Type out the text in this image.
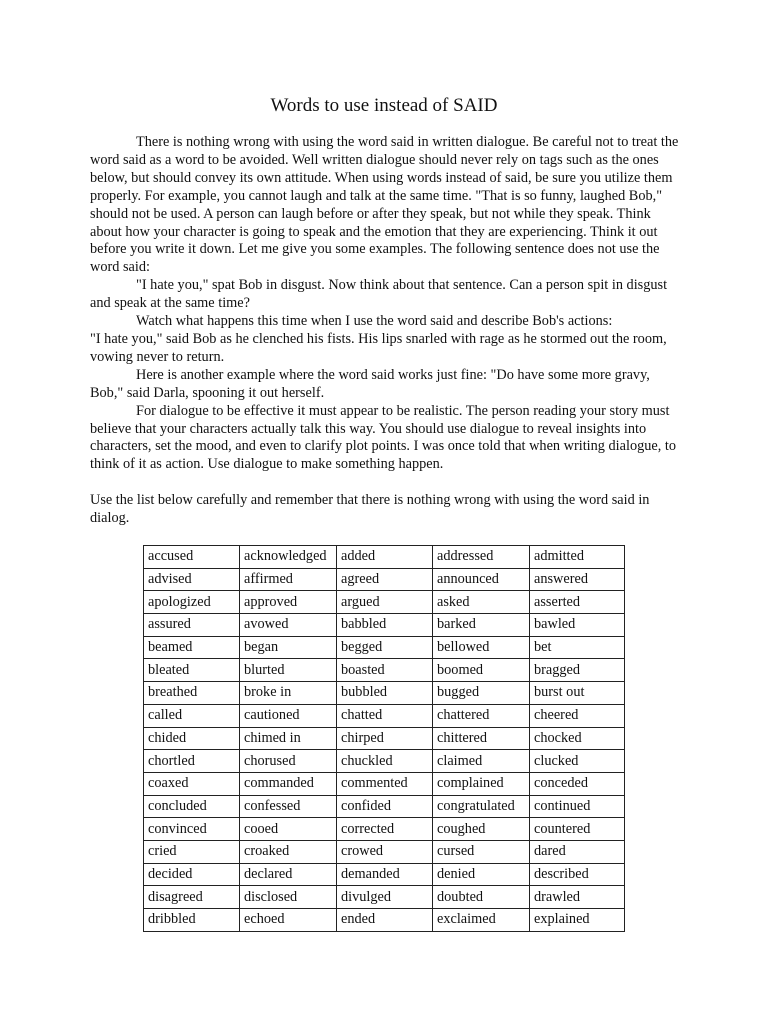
Words to use instead of SAID

There is nothing wrong with using the word said in written dialogue. Be careful not to treat the word said as a word to be avoided. Well written dialogue should never rely on tags such as the ones below, but should convey its own attitude. When using words instead of said, be sure you utilize them properly. For example, you cannot laugh and talk at the same time. "That is so funny, laughed Bob," should not be used. A person can laugh before or after they speak, but not while they speak. Think about how your character is going to speak and the emotion that they are experiencing. Think it out before you write it down. Let me give you some examples. The following sentence does not use the word said:

"I hate you," spat Bob in disgust. Now think about that sentence. Can a person spit in disgust and speak at the same time?

Watch what happens this time when I use the word said and describe Bob's actions:

"I hate you," said Bob as he clenched his fists. His lips snarled with rage as he stormed out the room, vowing never to return.

Here is another example where the word said works just fine: "Do have some more gravy, Bob," said Darla, spooning it out herself.

For dialogue to be effective it must appear to be realistic. The person reading your story must believe that your characters actually talk this way. You should use dialogue to reveal insights into characters, set the mood, and even to clarify plot points. I was once told that when writing dialogue, to think of it as action. Use dialogue to make something happen.

Use the list below carefully and remember that there is nothing wrong with using the word said in dialog.

accused	acknowledged	added	addressed	admitted
advised	affirmed	agreed	announced	answered
apologized	approved	argued	asked	asserted
assured	avowed	babbled	barked	bawled
beamed	began	begged	bellowed	bet
bleated	blurted	boasted	boomed	bragged
breathed	broke in	bubbled	bugged	burst out
called	cautioned	chatted	chattered	cheered
chided	chimed in	chirped	chittered	chocked
chortled	chorused	chuckled	claimed	clucked
coaxed	commanded	commented	complained	conceded
concluded	confessed	confided	congratulated	continued
convinced	cooed	corrected	coughed	countered
cried	croaked	crowed	cursed	dared
decided	declared	demanded	denied	described
disagreed	disclosed	divulged	doubted	drawled
dribbled	echoed	ended	exclaimed	explained
